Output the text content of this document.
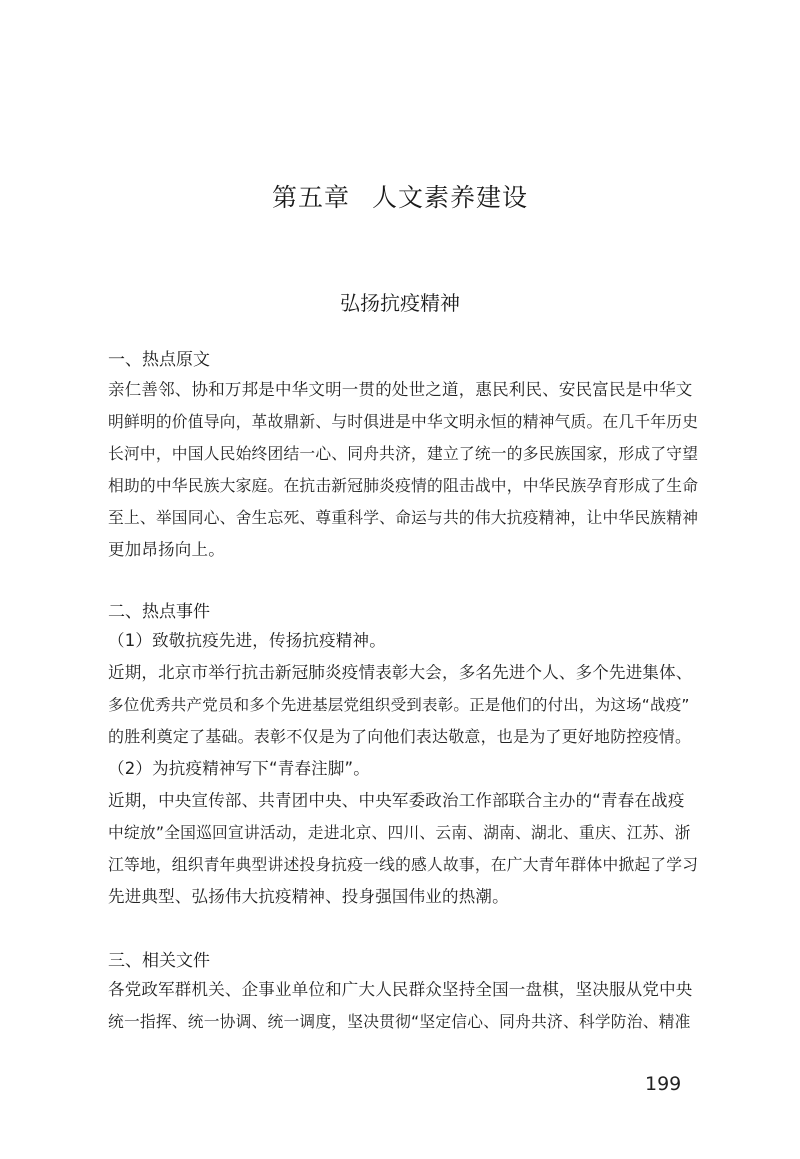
第五章 人文素养建设
弘扬抗疫精神
一、热点原文
亲仁善邻、协和万邦是中华文明一贯的处世之道，惠民利民、安民富民是中华文
明鲜明的价值导向，革故鼎新、与时俱进是中华文明永恒的精神气质。在几千年历史
长河中，中国人民始终团结一心、同舟共济，建立了统一的多民族国家，形成了守望
相助的中华民族大家庭。在抗击新冠肺炎疫情的阻击战中，中华民族孕育形成了生命
至上、举国同心、舍生忘死、尊重科学、命运与共的伟大抗疫精神，让中华民族精神
更加昂扬向上。
二、热点事件
（1）致敬抗疫先进，传扬抗疫精神。
近期，北京市举行抗击新冠肺炎疫情表彰大会，多名先进个人、多个先进集体、
多位优秀共产党员和多个先进基层党组织受到表彰。正是他们的付出，为这场“战疫”
的胜利奠定了基础。表彰不仅是为了向他们表达敬意，也是为了更好地防控疫情。
（2）为抗疫精神写下“青春注脚”。
近期，中央宣传部、共青团中央、中央军委政治工作部联合主办的“青春在战疫
中绽放”全国巡回宣讲活动，走进北京、四川、云南、湖南、湖北、重庆、江苏、浙
江等地，组织青年典型讲述投身抗疫一线的感人故事，在广大青年群体中掀起了学习
先进典型、弘扬伟大抗疫精神、投身强国伟业的热潮。
三、相关文件
各党政军群机关、企事业单位和广大人民群众坚持全国一盘棋，坚决服从党中央
统一指挥、统一协调、统一调度，坚决贯彻“坚定信心、同舟共济、科学防治、精准
199
